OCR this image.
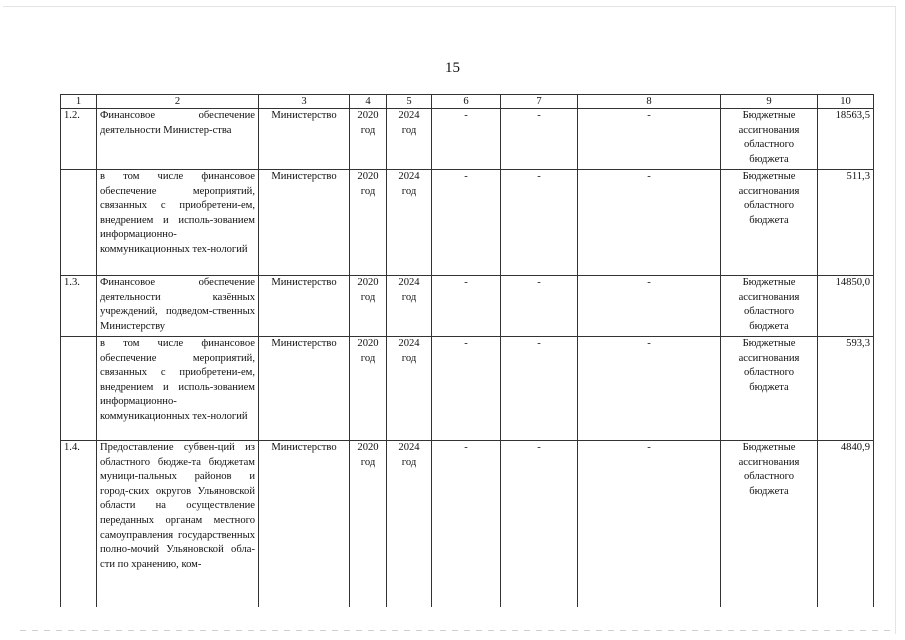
15
1	2	3	4	5	6	7	8	9	10
1.2.	Финансовое обеспечение деятельности Министер-ства	Министерство	2020 год	2024 год	-	-	-	Бюджетные ассигнования областного бюджета	18563,5
	в том числе финансовое обеспечение мероприятий, связанных с приобретени-ем, внедрением и исполь-зованием информационно-коммуникационных тех-нологий	Министерство	2020 год	2024 год	-	-	-	Бюджетные ассигнования областного бюджета	511,3
1.3.	Финансовое обеспечение деятельности казённых учреждений, подведом-ственных Министерству	Министерство	2020 год	2024 год	-	-	-	Бюджетные ассигнования областного бюджета	14850,0
	в том числе финансовое обеспечение мероприятий, связанных с приобретени-ем, внедрением и исполь-зованием информационно-коммуникационных тех-нологий	Министерство	2020 год	2024 год	-	-	-	Бюджетные ассигнования областного бюджета	593,3
1.4.	Предоставление субвен-ций из областного бюдже-та бюджетам муници-пальных районов и город-ских округов Ульяновской области на осуществление переданных органам местного самоуправления государственных полно-мочий Ульяновской обла-сти по хранению, ком-	Министерство	2020 год	2024 год	-	-	-	Бюджетные ассигнования областного бюджета	4840,9
